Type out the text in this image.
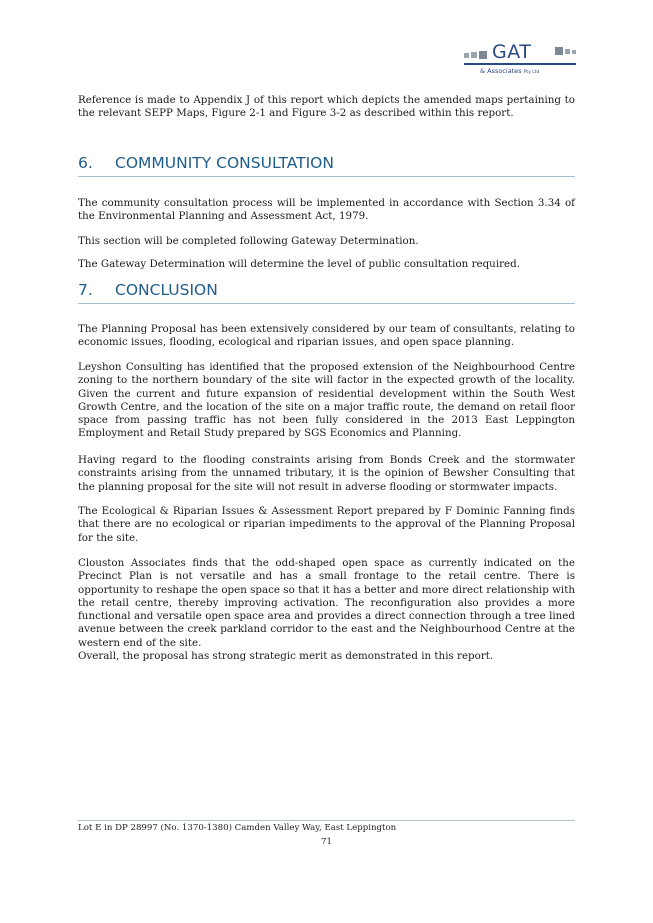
GAT
& Associates Pty Ltd

Reference is made to Appendix J of this report which depicts the amended maps pertaining to the relevant SEPP Maps, Figure 2-1 and Figure 3-2 as described within this report.

6. COMMUNITY CONSULTATION

The community consultation process will be implemented in accordance with Section 3.34 of the Environmental Planning and Assessment Act, 1979.

This section will be completed following Gateway Determination.

The Gateway Determination will determine the level of public consultation required.

7. CONCLUSION

The Planning Proposal has been extensively considered by our team of consultants, relating to economic issues, flooding, ecological and riparian issues, and open space planning.

Leyshon Consulting has identified that the proposed extension of the Neighbourhood Centre zoning to the northern boundary of the site will factor in the expected growth of the locality. Given the current and future expansion of residential development within the South West Growth Centre, and the location of the site on a major traffic route, the demand on retail floor space from passing traffic has not been fully considered in the 2013 East Leppington Employment and Retail Study prepared by SGS Economics and Planning.

Having regard to the flooding constraints arising from Bonds Creek and the stormwater constraints arising from the unnamed tributary, it is the opinion of Bewsher Consulting that the planning proposal for the site will not result in adverse flooding or stormwater impacts.

The Ecological & Riparian Issues & Assessment Report prepared by F Dominic Fanning finds that there are no ecological or riparian impediments to the approval of the Planning Proposal for the site.

Clouston Associates finds that the odd-shaped open space as currently indicated on the Precinct Plan is not versatile and has a small frontage to the retail centre. There is opportunity to reshape the open space so that it has a better and more direct relationship with the retail centre, thereby improving activation. The reconfiguration also provides a more functional and versatile open space area and provides a direct connection through a tree lined avenue between the creek parkland corridor to the east and the Neighbourhood Centre at the western end of the site.

Overall, the proposal has strong strategic merit as demonstrated in this report.

Lot E in DP 28997 (No. 1370-1380) Camden Valley Way, East Leppington
71
